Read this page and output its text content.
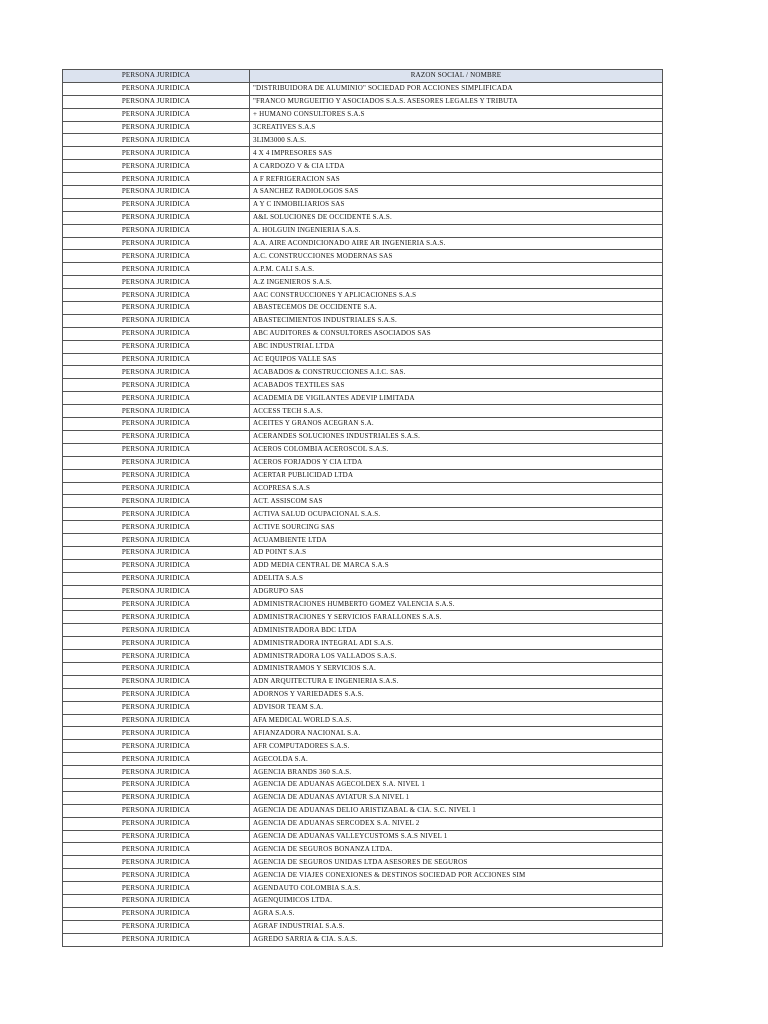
PERSONA JURIDICA	RAZON SOCIAL / NOMBRE
PERSONA JURIDICA	"DISTRIBUIDORA DE ALUMINIO" SOCIEDAD POR ACCIONES SIMPLIFICADA
PERSONA JURIDICA	"FRANCO MURGUEITIO Y ASOCIADOS S.A.S. ASESORES LEGALES Y TRIBUTA
PERSONA JURIDICA	+ HUMANO CONSULTORES S.A.S
PERSONA JURIDICA	3CREATIVES S.A.S
PERSONA JURIDICA	3LIM3000 S.A.S.
PERSONA JURIDICA	4 X 4 IMPRESORES SAS
PERSONA JURIDICA	A CARDOZO V & CIA LTDA
PERSONA JURIDICA	A F REFRIGERACION SAS
PERSONA JURIDICA	A SANCHEZ RADIOLOGOS SAS
PERSONA JURIDICA	A Y C INMOBILIARIOS SAS
PERSONA JURIDICA	A&L SOLUCIONES DE OCCIDENTE S.A.S.
PERSONA JURIDICA	A. HOLGUIN INGENIERIA S.A.S.
PERSONA JURIDICA	A.A. AIRE ACONDICIONADO AIRE AR INGENIERIA S.A.S.
PERSONA JURIDICA	A.C. CONSTRUCCIONES MODERNAS SAS
PERSONA JURIDICA	A.P.M. CALI S.A.S.
PERSONA JURIDICA	A.Z INGENIEROS S.A.S.
PERSONA JURIDICA	AAC CONSTRUCCIONES Y APLICACIONES S.A.S
PERSONA JURIDICA	ABASTECEMOS DE OCCIDENTE S.A.
PERSONA JURIDICA	ABASTECIMIENTOS INDUSTRIALES S.A.S.
PERSONA JURIDICA	ABC AUDITORES & CONSULTORES ASOCIADOS SAS
PERSONA JURIDICA	ABC INDUSTRIAL LTDA
PERSONA JURIDICA	AC EQUIPOS VALLE SAS
PERSONA JURIDICA	ACABADOS & CONSTRUCCIONES A.I.C. SAS.
PERSONA JURIDICA	ACABADOS TEXTILES SAS
PERSONA JURIDICA	ACADEMIA DE VIGILANTES ADEVIP LIMITADA
PERSONA JURIDICA	ACCESS TECH S.A.S.
PERSONA JURIDICA	ACEITES Y GRANOS ACEGRAN S.A.
PERSONA JURIDICA	ACERANDES SOLUCIONES INDUSTRIALES S.A.S.
PERSONA JURIDICA	ACEROS COLOMBIA ACEROSCOL S.A.S.
PERSONA JURIDICA	ACEROS FORJADOS Y CIA LTDA
PERSONA JURIDICA	ACERTAR PUBLICIDAD LTDA
PERSONA JURIDICA	ACOPRESA S.A.S
PERSONA JURIDICA	ACT. ASSISCOM SAS
PERSONA JURIDICA	ACTIVA SALUD OCUPACIONAL S.A.S.
PERSONA JURIDICA	ACTIVE SOURCING SAS
PERSONA JURIDICA	ACUAMBIENTE LTDA
PERSONA JURIDICA	AD POINT S.A.S
PERSONA JURIDICA	ADD MEDIA CENTRAL DE MARCA S.A.S
PERSONA JURIDICA	ADELITA S.A.S
PERSONA JURIDICA	ADGRUPO SAS
PERSONA JURIDICA	ADMINISTRACIONES HUMBERTO GOMEZ VALENCIA S.A.S.
PERSONA JURIDICA	ADMINISTRACIONES Y SERVICIOS FARALLONES S.A.S.
PERSONA JURIDICA	ADMINISTRADORA BDC LTDA
PERSONA JURIDICA	ADMINISTRADORA INTEGRAL ADI S.A.S.
PERSONA JURIDICA	ADMINISTRADORA LOS VALLADOS S.A.S.
PERSONA JURIDICA	ADMINISTRAMOS Y SERVICIOS S.A.
PERSONA JURIDICA	ADN ARQUITECTURA E INGENIERIA S.A.S.
PERSONA JURIDICA	ADORNOS Y VARIEDADES S.A.S.
PERSONA JURIDICA	ADVISOR TEAM S.A.
PERSONA JURIDICA	AFA MEDICAL WORLD S.A.S.
PERSONA JURIDICA	AFIANZADORA NACIONAL S.A.
PERSONA JURIDICA	AFR COMPUTADORES S.A.S.
PERSONA JURIDICA	AGECOLDA S.A.
PERSONA JURIDICA	AGENCIA BRANDS 360 S.A.S.
PERSONA JURIDICA	AGENCIA DE ADUANAS AGECOLDEX S.A. NIVEL 1
PERSONA JURIDICA	AGENCIA DE ADUANAS AVIATUR S.A NIVEL 1
PERSONA JURIDICA	AGENCIA DE ADUANAS DELIO ARISTIZABAL & CIA. S.C. NIVEL 1
PERSONA JURIDICA	AGENCIA DE ADUANAS SERCODEX S.A. NIVEL 2
PERSONA JURIDICA	AGENCIA DE ADUANAS VALLEYCUSTOMS S.A.S NIVEL 1
PERSONA JURIDICA	AGENCIA DE SEGUROS BONANZA LTDA.
PERSONA JURIDICA	AGENCIA DE SEGUROS UNIDAS LTDA ASESORES DE SEGUROS
PERSONA JURIDICA	AGENCIA DE VIAJES CONEXIONES & DESTINOS SOCIEDAD POR ACCIONES SIM
PERSONA JURIDICA	AGENDAUTO COLOMBIA S.A.S.
PERSONA JURIDICA	AGENQUIMICOS LTDA.
PERSONA JURIDICA	AGRA S.A.S.
PERSONA JURIDICA	AGRAF INDUSTRIAL S.A.S.
PERSONA JURIDICA	AGREDO SARRIA & CIA. S.A.S.
